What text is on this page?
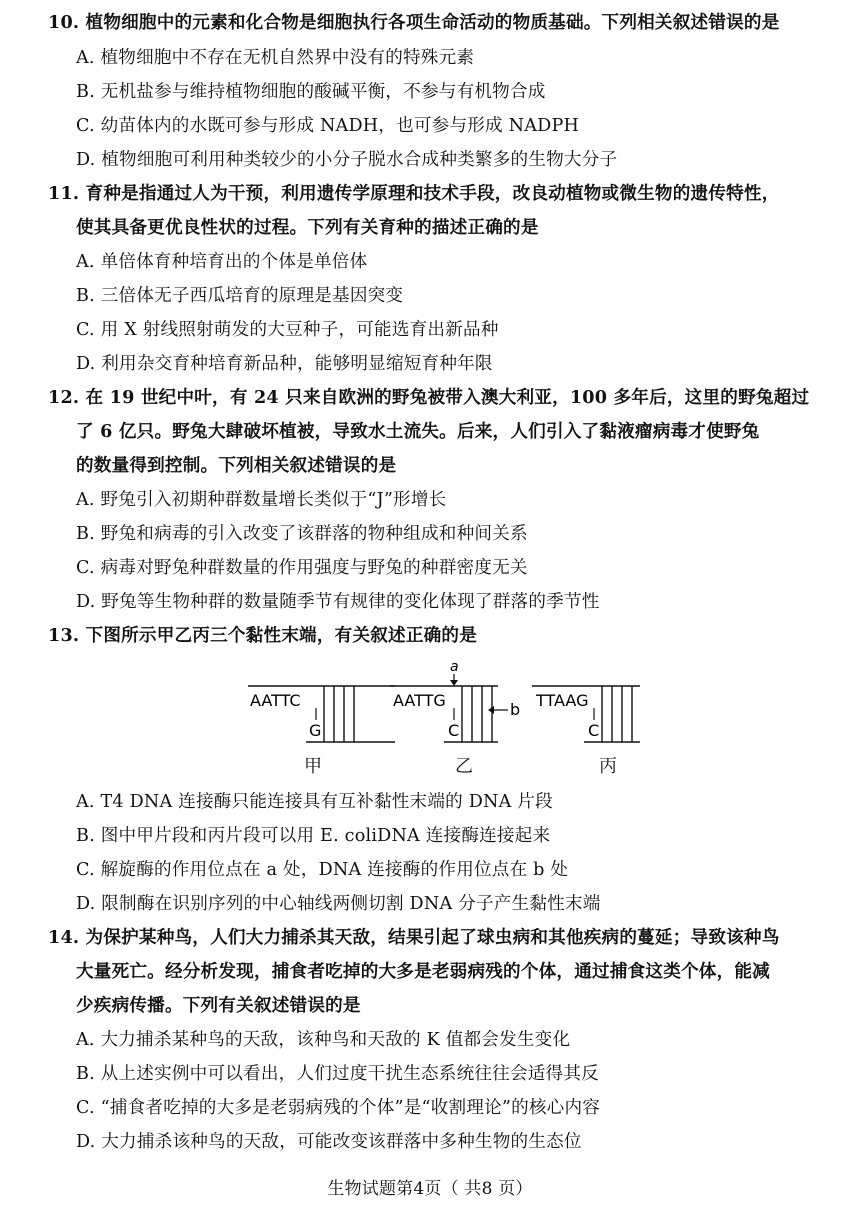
10. 植物细胞中的元素和化合物是细胞执行各项生命活动的物质基础。下列相关叙述错误的是
A. 植物细胞中不存在无机自然界中没有的特殊元素
B. 无机盐参与维持植物细胞的酸碱平衡，不参与有机物合成
C. 幼苗体内的水既可参与形成 NADH，也可参与形成 NADPH
D. 植物细胞可利用种类较少的小分子脱水合成种类繁多的生物大分子
11. 育种是指通过人为干预，利用遗传学原理和技术手段，改良动植物或微生物的遗传特性，
使其具备更优良性状的过程。下列有关育种的描述正确的是
A. 单倍体育种培育出的个体是单倍体
B. 三倍体无子西瓜培育的原理是基因突变
C. 用 X 射线照射萌发的大豆种子，可能选育出新品种
D. 利用杂交育种培育新品种，能够明显缩短育种年限
12. 在 19 世纪中叶，有 24 只来自欧洲的野兔被带入澳大利亚，100 多年后，这里的野兔超过
了 6 亿只。野兔大肆破坏植被，导致水土流失。后来，人们引入了黏液瘤病毒才使野兔
的数量得到控制。下列相关叙述错误的是
A. 野兔引入初期种群数量增长类似于“J”形增长
B. 野兔和病毒的引入改变了该群落的物种组成和种间关系
C. 病毒对野兔种群数量的作用强度与野兔的种群密度无关
D. 野兔等生物种群的数量随季节有规律的变化体现了群落的季节性
13. 下图所示甲乙丙三个黏性末端，有关叙述正确的是
AATTC
G
a
AATTG
C
b TTAAG
C
甲	乙	丙
A. T4 DNA 连接酶只能连接具有互补黏性末端的 DNA 片段
B. 图中甲片段和丙片段可以用 E. coliDNA 连接酶连接起来
C. 解旋酶的作用位点在 a 处，DNA 连接酶的作用位点在 b 处
D. 限制酶在识别序列的中心轴线两侧切割 DNA 分子产生黏性末端
14. 为保护某种鸟，人们大力捕杀其天敌，结果引起了球虫病和其他疾病的蔓延；导致该种鸟
大量死亡。经分析发现，捕食者吃掉的大多是老弱病残的个体，通过捕食这类个体，能减
少疾病传播。下列有关叙述错误的是
A. 大力捕杀某种鸟的天敌，该种鸟和天敌的 K 值都会发生变化
B. 从上述实例中可以看出，人们过度干扰生态系统往往会适得其反
C. “捕食者吃掉的大多是老弱病残的个体”是“收割理论”的核心内容
D. 大力捕杀该种鸟的天敌，可能改变该群落中多种生物的生态位
生物试题第4页（ 共8 页）
